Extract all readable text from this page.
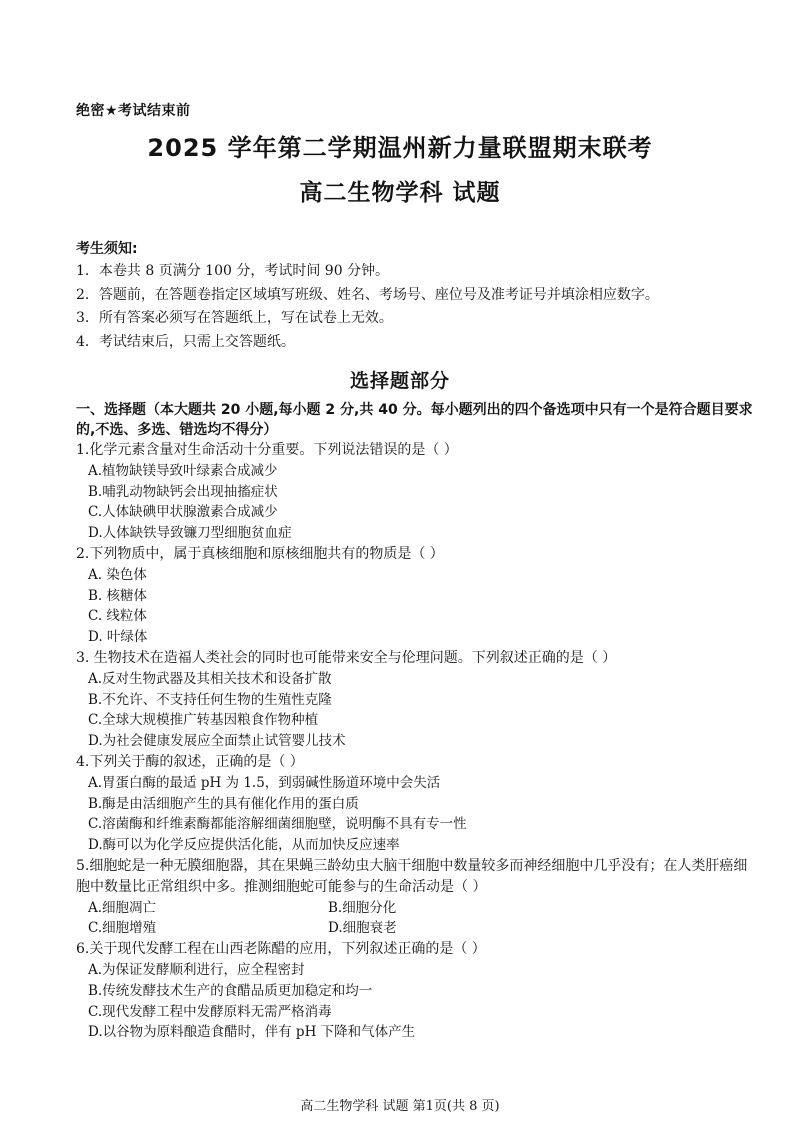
绝密★考试结束前
2025 学年第二学期温州新力量联盟期末联考
高二生物学科 试题
考生须知:
1．本卷共 8 页满分 100 分，考试时间 90 分钟。
2．答题前，在答题卷指定区域填写班级、姓名、考场号、座位号及准考证号并填涂相应数字。
3．所有答案必须写在答题纸上，写在试卷上无效。
4．考试结束后，只需上交答题纸。
选择题部分
一、选择题（本大题共 20 小题,每小题 2 分,共 40 分。每小题列出的四个备选项中只有一个是符合题目要求的,不选、多选、错选均不得分）
1.化学元素含量对生命活动十分重要。下列说法错误的是（ ）
A.植物缺镁导致叶绿素合成减少
B.哺乳动物缺钙会出现抽搐症状
C.人体缺碘甲状腺激素合成减少
D.人体缺铁导致镰刀型细胞贫血症
2.下列物质中，属于真核细胞和原核细胞共有的物质是（ ）
A. 染色体
B. 核糖体
C. 线粒体
D. 叶绿体
3. 生物技术在造福人类社会的同时也可能带来安全与伦理问题。下列叙述正确的是（ ）
A.反对生物武器及其相关技术和设备扩散
B.不允许、不支持任何生物的生殖性克隆
C.全球大规模推广转基因粮食作物种植
D.为社会健康发展应全面禁止试管婴儿技术
4.下列关于酶的叙述，正确的是（ ）
A.胃蛋白酶的最适 pH 为 1.5，到弱碱性肠道环境中会失活
B.酶是由活细胞产生的具有催化作用的蛋白质
C.溶菌酶和纤维素酶都能溶解细菌细胞壁，说明酶不具有专一性
D.酶可以为化学反应提供活化能，从而加快反应速率
5.细胞蛇是一种无膜细胞器，其在果蝇三龄幼虫大脑干细胞中数量较多而神经细胞中几乎没有；在人类肝癌细胞中数量比正常组织中多。推测细胞蛇可能参与的生命活动是（ ）
A.细胞凋亡	B.细胞分化
C.细胞增殖	D.细胞衰老
6.关于现代发酵工程在山西老陈醋的应用，下列叙述正确的是（ ）
A.为保证发酵顺利进行，应全程密封
B.传统发酵技术生产的食醋品质更加稳定和均一
C.现代发酵工程中发酵原料无需严格消毒
D.以谷物为原料酿造食醋时，伴有 pH 下降和气体产生
高二生物学科 试题 第1页(共 8 页)
